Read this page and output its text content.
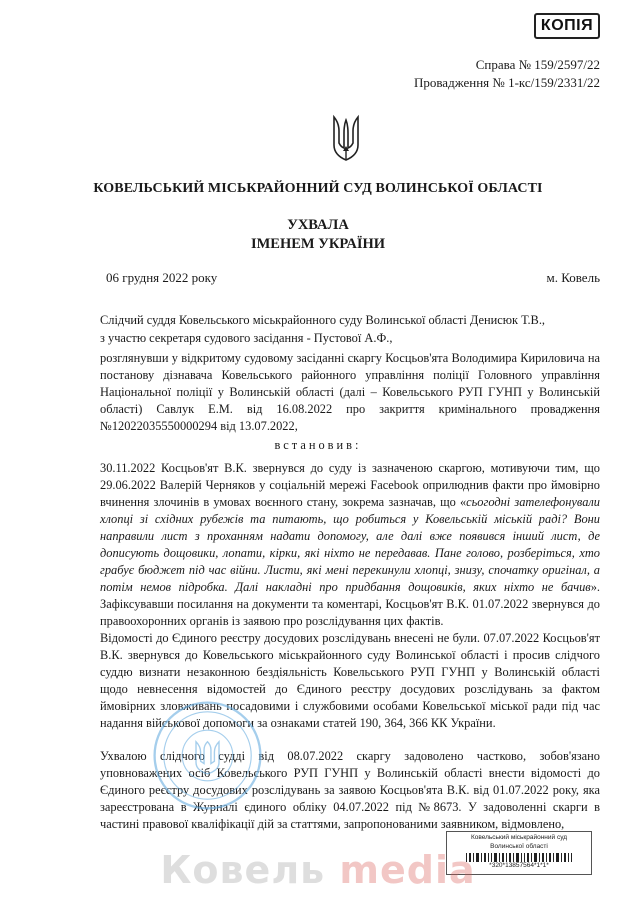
КОПІЯ
Справа № 159/2597/22
Провадження № 1-кс/159/2331/22
КОВЕЛЬСЬКИЙ МІСЬКРАЙОННИЙ СУД ВОЛИНСЬКОЇ ОБЛАСТІ
УХВАЛА
ІМЕНЕМ УКРАЇНИ
06 грудня 2022 року	м. Ковель

Слідчий суддя Ковельського міськрайонного суду Волинської області Денисюк Т.В.,

з участю секретаря судового засідання - Пустової А.Ф.,

розглянувши у відкритому судовому засіданні скаргу Косцьов'ята Володимира Кириловича на постанову дізнавача Ковельського районного управління поліції Головного управління Національної поліції у Волинській області (далі – Ковельського РУП ГУНП у Волинській області) Савлук Е.М. від 16.08.2022 про закриття кримінального провадження №12022035550000294 від 13.07.2022,

встановив:

30.11.2022 Косцьов'ят В.К. звернувся до суду із зазначеною скаргою, мотивуючи тим, що 29.06.2022 Валерій Черняков у соціальній мережі Facebook оприлюднив факти про ймовірно вчинення злочинів в умовах воєнного стану, зокрема зазначав, що «сьогодні зателефонували хлопці зі східних рубежів та питають, що робиться у Ковельській міській раді? Вони направили лист з проханням надати допомогу, але далі вже появився інший лист, де дописують дощовики, лопати, кірки, які ніхто не передавав. Пане голово, розберіться, хто грабує бюджет під час війни. Листи, які мені перекинули хлопці, знизу, спочатку оригінал, а потім немов підробка. Далі накладні про придбання дощовиків, яких ніхто не бачив». Зафіксувавши посилання на документи та коментарі, Косцьов'ят В.К. 01.07.2022 звернувся до правоохоронних органів із заявою про розслідування цих фактів.

Відомості до Єдиного реєстру досудових розслідувань внесені не були. 07.07.2022 Косцьов'ят В.К. звернувся до Ковельського міськрайонного суду Волинської області і просив слідчого суддю визнати незаконною бездіяльність Ковельського РУП ГУНП у Волинській області щодо невнесення відомостей до Єдиного реєстру досудових розслідувань за фактом ймовірних зловживань посадовими і службовими особами Ковельської міської ради під час надання військової допомоги за ознаками статей 190, 364, 366 КК України.

Ухвалою слідчого судді від 08.07.2022 скаргу задоволено частково, зобов'язано уповноважених осіб Ковельського РУП ГУНП у Волинській області внести відомості до Єдиного реєстру досудових розслідувань за заявою Косцьов'ята В.К. від 01.07.2022 року, яка зареєстрована в Журналі єдиного обліку 04.07.2022 під №8673. У задоволенні скарги в частині правової кваліфікації дій за статтями, запропонованими заявником, відмовлено,

Ковельський міськрайонний суд
Волинської області
*320*13857564*1*1*
Ковель media
